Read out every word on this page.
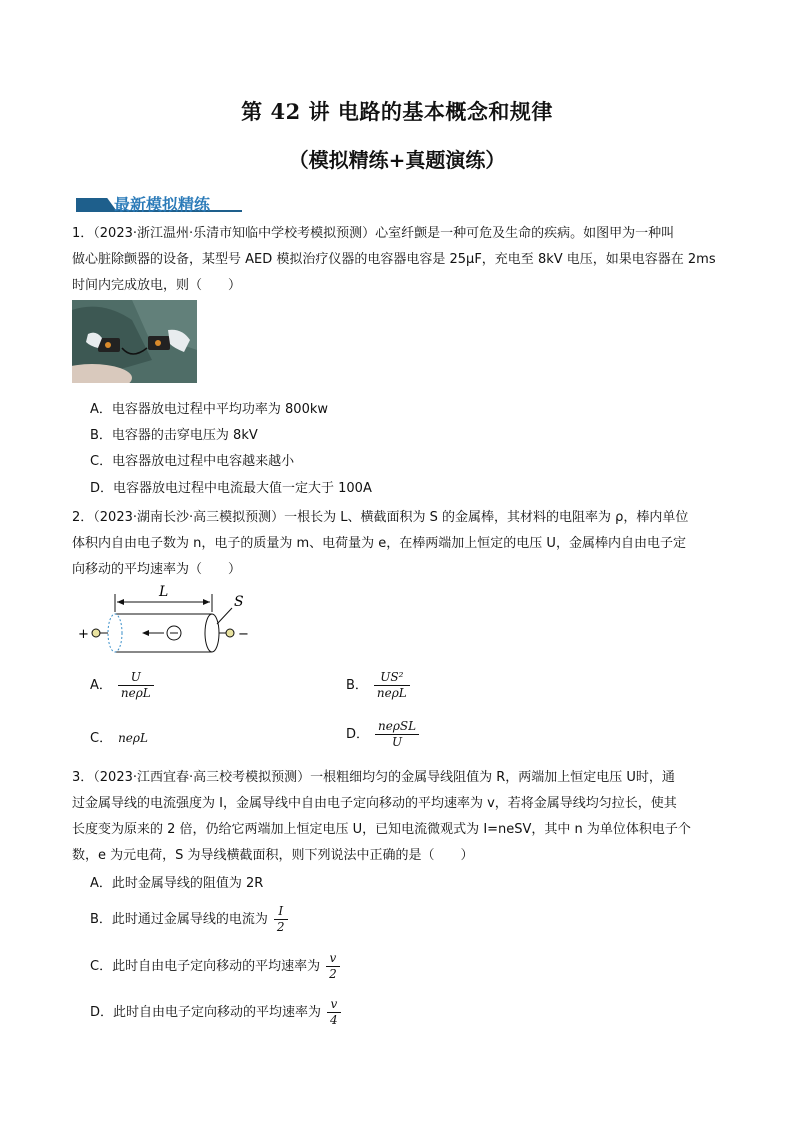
第 42 讲 电路的基本概念和规律
（模拟精练+真题演练）
最新模拟精练
1．（2023·浙江温州·乐清市知临中学校考模拟预测）心室纤颤是一种可危及生命的疾病。如图甲为一种叫
做心脏除颤器的设备，某型号 AED 模拟治疗仪器的电容器电容是 25μF，充电至 8kV 电压，如果电容器在 2ms
时间内完成放电，则（　　）
A．电容器放电过程中平均功率为 800kw
B．电容器的击穿电压为 8kV
C．电容器放电过程中电容越来越小
D．电容器放电过程中电流最大值一定大于 100A
2．（2023·湖南长沙·高三模拟预测）一根长为 L、横截面积为 S 的金属棒，其材料的电阻率为 ρ，棒内单位
体积内自由电子数为 n，电子的质量为 m、电荷量为 e，在棒两端加上恒定的电压 U，金属棒内自由电子定
向移动的平均速率为（　　）
L
S
+	−
A． $\frac{U}{\text{neρL}}$	B． $\frac{\text{US²}}{\text{neρL}}$
C． neρL	D． $\frac{\text{neρSL}}{U}$
3．（2023·江西宜春·高三校考模拟预测）一根粗细均匀的金属导线阻值为 R，两端加上恒定电压 U时，通
过金属导线的电流强度为 I，金属导线中自由电子定向移动的平均速率为 v，若将金属导线均匀拉长，使其
长度变为原来的 2 倍，仍给它两端加上恒定电压 U，已知电流微观式为 I=neSV，其中 n 为单位体积电子个
数，e 为元电荷，S 为导线横截面积，则下列说法中正确的是（　　）
A．此时金属导线的阻值为 2R
B．此时通过金属导线的电流为 $\frac{I}{2}$
C．此时自由电子定向移动的平均速率为 $\frac{v}{2}$
D．此时自由电子定向移动的平均速率为 $\frac{v}{4}$
